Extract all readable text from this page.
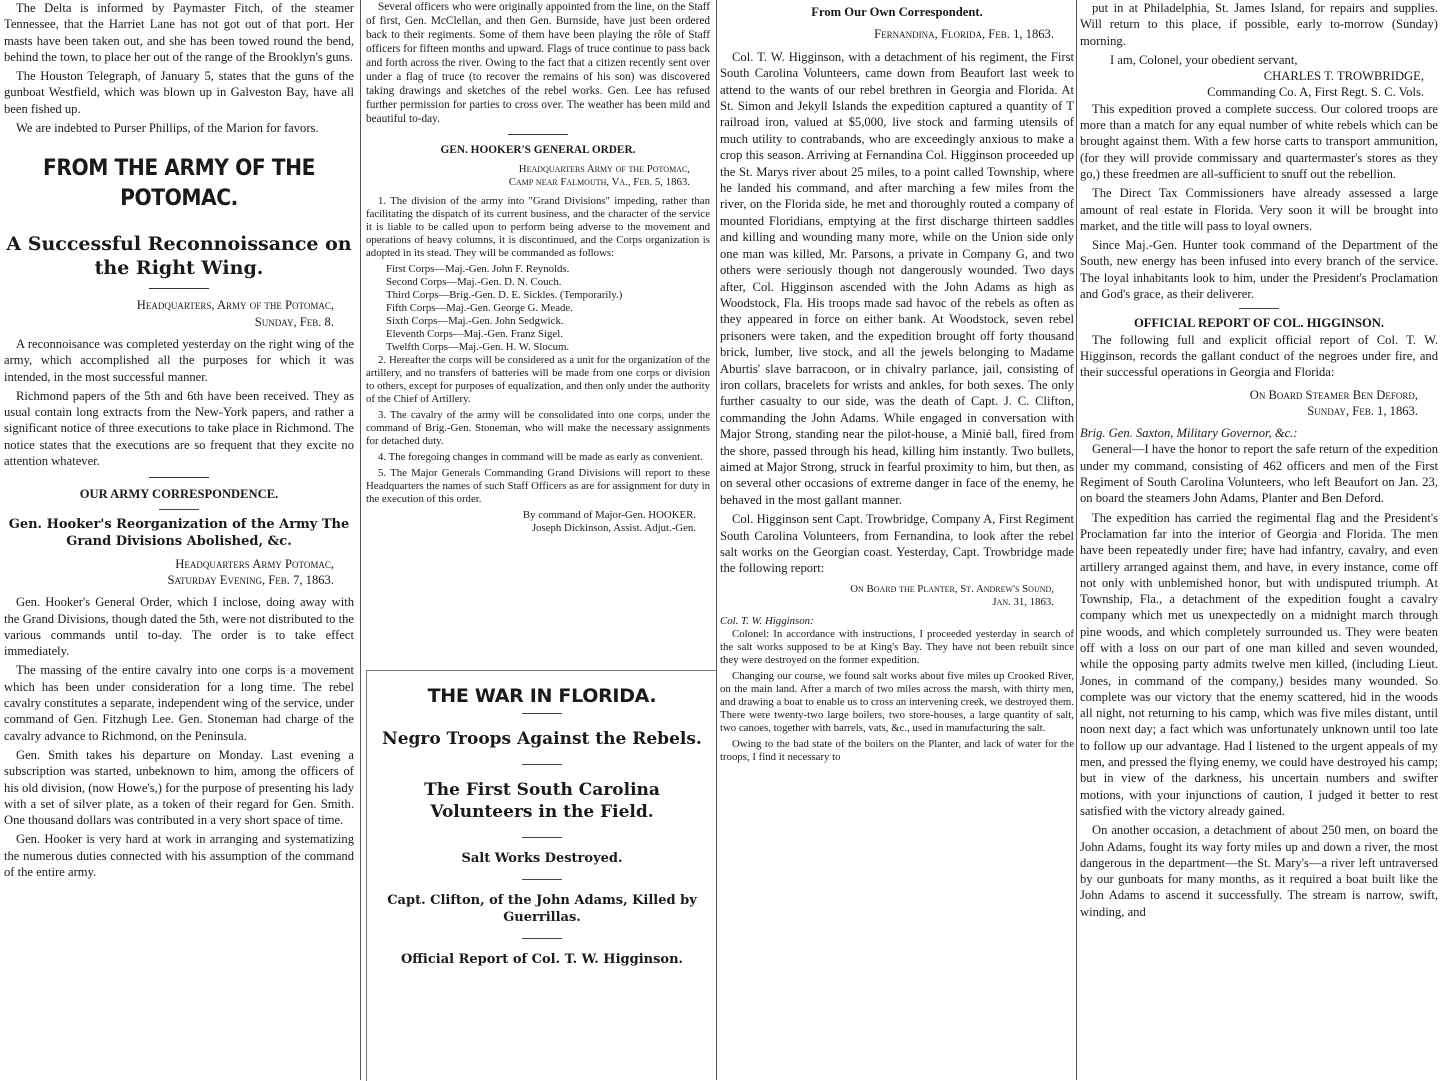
The Delta is informed by Paymaster Fitch, of the steamer Tennessee, that the Harriet Lane has not got out of that port. Her masts have been taken out, and she has been towed round the bend, behind the town, to place her out of the range of the Brooklyn's guns.

The Houston Telegraph, of January 5, states that the guns of the gunboat Westfield, which was blown up in Galveston Bay, have all been fished up.

We are indebted to Purser Phillips, of the Marion for favors.

FROM THE ARMY OF THE POTOMAC.
A Successful Reconnoissance on the Right Wing.
Headquarters, Army of the Potomac,
Sunday, Feb. 8.

A reconnoisance was completed yesterday on the right wing of the army, which accomplished all the purposes for which it was intended, in the most successful manner.

Richmond papers of the 5th and 6th have been received. They as usual contain long extracts from the New-York papers, and rather a significant notice of three executions to take place in Richmond. The notice states that the executions are so frequent that they excite no attention whatever.

OUR ARMY CORRESPONDENCE.
Gen. Hooker's Reorganization of the Army The Grand Divisions Abolished, &c.
Headquarters Army Potomac,
Saturday Evening, Feb. 7, 1863.

Gen. Hooker's General Order, which I inclose, doing away with the Grand Divisions, though dated the 5th, were not distributed to the various commands until to-day. The order is to take effect immediately.

The massing of the entire cavalry into one corps is a movement which has been under consideration for a long time. The rebel cavalry constitutes a separate, independent wing of the service, under command of Gen. Fitzhugh Lee. Gen. Stoneman had charge of the cavalry advance to Richmond, on the Peninsula.

Gen. Smith takes his departure on Monday. Last evening a subscription was started, unbeknown to him, among the officers of his old division, (now Howe's,) for the purpose of presenting his lady with a set of silver plate, as a token of their regard for Gen. Smith. One thousand dollars was contributed in a very short space of time.

Gen. Hooker is very hard at work in arranging and systematizing the numerous duties connected with his assumption of the command of the entire army.

Several officers who were originally appointed from the line, on the Staff of first, Gen. McClellan, and then Gen. Burnside, have just been ordered back to their regiments. Some of them have been playing the rôle of Staff officers for fifteen months and upward. Flags of truce continue to pass back and forth across the river. Owing to the fact that a citizen recently sent over under a flag of truce (to recover the remains of his son) was discovered taking drawings and sketches of the rebel works. Gen. Lee has refused further permission for parties to cross over. The weather has been mild and beautiful to-day.

GEN. HOOKER'S GENERAL ORDER.
Headquarters Army of the Potomac,
Camp near Falmouth, Va., Feb. 5, 1863.

1. The division of the army into "Grand Divisions" impeding, rather than facilitating the dispatch of its current business, and the character of the service it is liable to be called upon to perform being adverse to the movement and operations of heavy columns, it is discontinued, and the Corps organization is adopted in its stead. They will be commanded as follows:

First Corps—Maj.-Gen. John F. Reynolds.
Second Corps—Maj.-Gen. D. N. Couch.
Third Corps—Brig.-Gen. D. E. Sickles. (Temporarily.)
Fifth Corps—Maj.-Gen. George G. Meade.
Sixth Corps—Maj.-Gen. John Sedgwick.
Eleventh Corps—Maj.-Gen. Franz Sigel.
Twelfth Corps—Maj.-Gen. H. W. Slocum.

2. Hereafter the corps will be considered as a unit for the organization of the artillery, and no transfers of batteries will be made from one corps or division to others, except for purposes of equalization, and then only under the authority of the Chief of Artillery.

3. The cavalry of the army will be consolidated into one corps, under the command of Brig.-Gen. Stoneman, who will make the necessary assignments for detached duty.

4. The foregoing changes in command will be made as early as convenient.

5. The Major Generals Commanding Grand Divisions will report to these Headquarters the names of such Staff Officers as are for assignment for duty in the execution of this order.

By command of Major-Gen. HOOKER.
Joseph Dickinson, Assist. Adjut.-Gen.
THE WAR IN FLORIDA.
Negro Troops Against the Rebels.
The First South Carolina Volunteers in the Field.
Salt Works Destroyed.
Capt. Clifton, of the John Adams, Killed by Guerrillas.
Official Report of Col. T. W. Higginson.
From Our Own Correspondent.
Fernandina, Florida, Feb. 1, 1863.

Col. T. W. Higginson, with a detachment of his regiment, the First South Carolina Volunteers, came down from Beaufort last week to attend to the wants of our rebel brethren in Georgia and Florida. At St. Simon and Jekyll Islands the expedition captured a quantity of T railroad iron, valued at $5,000, live stock and farming utensils of much utility to contrabands, who are exceedingly anxious to make a crop this season. Arriving at Fernandina Col. Higginson proceeded up the St. Marys river about 25 miles, to a point called Township, where he landed his command, and after marching a few miles from the river, on the Florida side, he met and thoroughly routed a company of mounted Floridians, emptying at the first discharge thirteen saddles and killing and wounding many more, while on the Union side only one man was killed, Mr. Parsons, a private in Company G, and two others were seriously though not dangerously wounded. Two days after, Col. Higginson ascended with the John Adams as high as Woodstock, Fla. His troops made sad havoc of the rebels as often as they appeared in force on either bank. At Woodstock, seven rebel prisoners were taken, and the expedition brought off forty thousand brick, lumber, live stock, and all the jewels belonging to Madame Aburtis' slave barracoon, or in chivalry parlance, jail, consisting of iron collars, bracelets for wrists and ankles, for both sexes. The only further casualty to our side, was the death of Capt. J. C. Clifton, commanding the John Adams. While engaged in conversation with Major Strong, standing near the pilot-house, a Minié ball, fired from the shore, passed through his head, killing him instantly. Two bullets, aimed at Major Strong, struck in fearful proximity to him, but then, as on several other occasions of extreme danger in face of the enemy, he behaved in the most gallant manner.

Col. Higginson sent Capt. Trowbridge, Company A, First Regiment South Carolina Volunteers, from Fernandina, to look after the rebel salt works on the Georgian coast. Yesterday, Capt. Trowbridge made the following report:

On Board the Planter, St. Andrew's Sound,
Jan. 31, 1863.
Col. T. W. Higginson:

Colonel: In accordance with instructions, I proceeded yesterday in search of the salt works supposed to be at King's Bay. They have not been rebuilt since they were destroyed on the former expedition.

Changing our course, we found salt works about five miles up Crooked River, on the main land. After a march of two miles across the marsh, with thirty men, and drawing a boat to enable us to cross an intervening creek, we destroyed them. There were twenty-two large boilers, two store-houses, a large quantity of salt, two canoes, together with barrels, vats, &c., used in manufacturing the salt.

Owing to the bad state of the boilers on the Planter, and lack of water for the troops, I find it necessary to

put in at Philadelphia, St. James Island, for repairs and supplies. Will return to this place, if possible, early to-morrow (Sunday) morning.

I am, Colonel, your obedient servant,
CHARLES T. TROWBRIDGE,
Commanding Co. A, First Regt. S. C. Vols.

This expedition proved a complete success. Our colored troops are more than a match for any equal number of white rebels which can be brought against them. With a few horse carts to transport ammunition, (for they will provide commissary and quartermaster's stores as they go,) these freedmen are all-sufficient to snuff out the rebellion.

The Direct Tax Commissioners have already assessed a large amount of real estate in Florida. Very soon it will be brought into market, and the title will pass to loyal owners.

Since Maj.-Gen. Hunter took command of the Department of the South, new energy has been infused into every branch of the service. The loyal inhabitants look to him, under the President's Proclamation and God's grace, as their deliverer.

OFFICIAL REPORT OF COL. HIGGINSON.

The following full and explicit official report of Col. T. W. Higginson, records the gallant conduct of the negroes under fire, and their successful operations in Georgia and Florida:

On Board Steamer Ben Deford,
Sunday, Feb. 1, 1863.
Brig. Gen. Saxton, Military Governor, &c.:

General—I have the honor to report the safe return of the expedition under my command, consisting of 462 officers and men of the First Regiment of South Carolina Volunteers, who left Beaufort on Jan. 23, on board the steamers John Adams, Planter and Ben Deford.

The expedition has carried the regimental flag and the President's Proclamation far into the interior of Georgia and Florida. The men have been repeatedly under fire; have had infantry, cavalry, and even artillery arranged against them, and have, in every instance, come off not only with unblemished honor, but with undisputed triumph. At Township, Fla., a detachment of the expedition fought a cavalry company which met us unexpectedly on a midnight march through pine woods, and which completely surrounded us. They were beaten off with a loss on our part of one man killed and seven wounded, while the opposing party admits twelve men killed, (including Lieut. Jones, in command of the company,) besides many wounded. So complete was our victory that the enemy scattered, hid in the woods all night, not returning to his camp, which was five miles distant, until noon next day; a fact which was unfortunately unknown until too late to follow up our advantage. Had I listened to the urgent appeals of my men, and pressed the flying enemy, we could have destroyed his camp; but in view of the darkness, his uncertain numbers and swifter motions, with your injunctions of caution, I judged it better to rest satisfied with the victory already gained.

On another occasion, a detachment of about 250 men, on board the John Adams, fought its way forty miles up and down a river, the most dangerous in the department—the St. Mary's—a river left untraversed by our gunboats for many months, as it required a boat built like the John Adams to ascend it successfully. The stream is narrow, swift, winding, and
